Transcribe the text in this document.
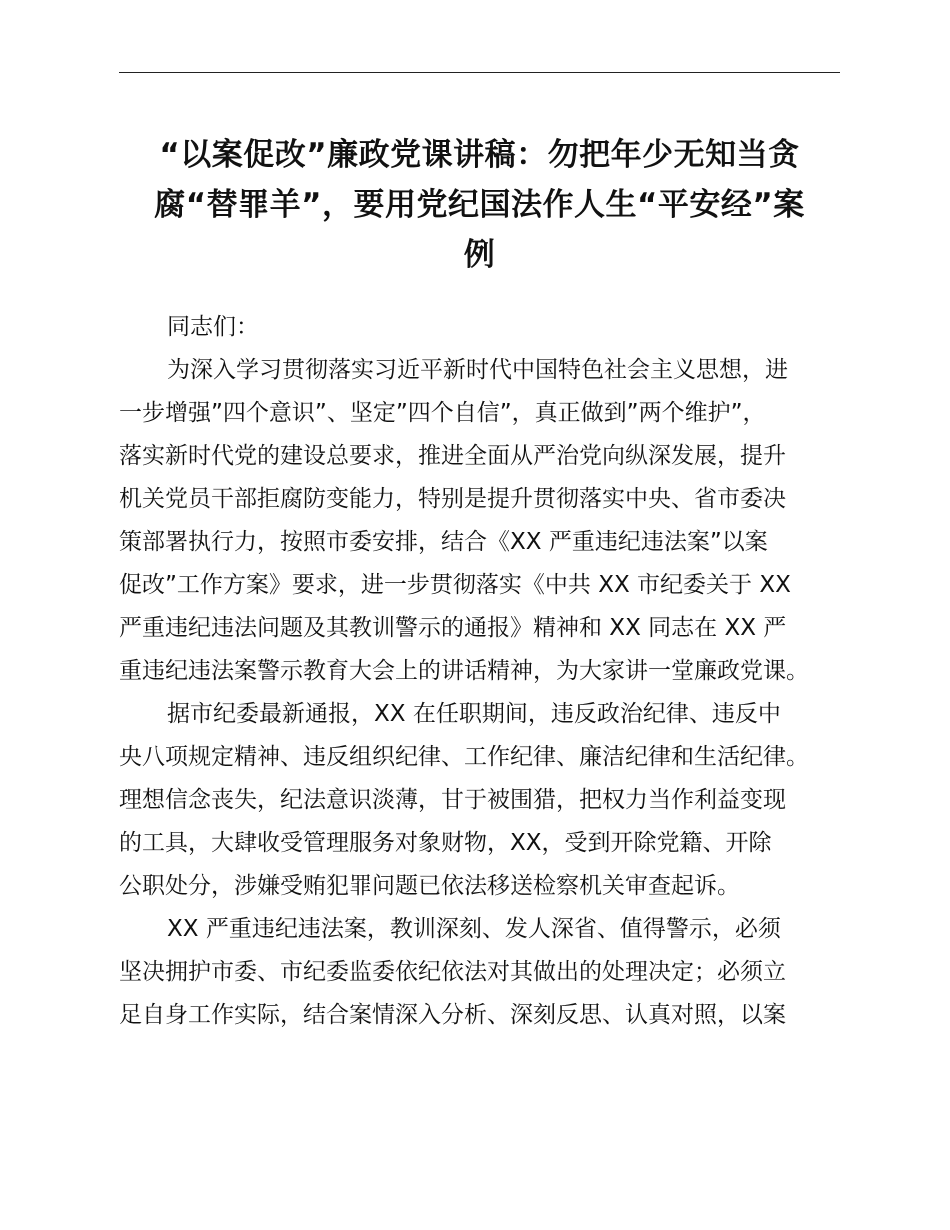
“以案促改”廉政党课讲稿：勿把年少无知当贪
腐“替罪羊”，要用党纪国法作人生“平安经”案
例

同志们：

为深入学习贯彻落实习近平新时代中国特色社会主义思想，进
一步增强”四个意识”、坚定”四个自信”，真正做到”两个维护”，
落实新时代党的建设总要求，推进全面从严治党向纵深发展，提升
机关党员干部拒腐防变能力，特别是提升贯彻落实中央、省市委决
策部署执行力，按照市委安排，结合《XX 严重违纪违法案”以案
促改”工作方案》要求，进一步贯彻落实《中共 XX 市纪委关于 XX
严重违纪违法问题及其教训警示的通报》精神和 XX 同志在 XX 严
重违纪违法案警示教育大会上的讲话精神，为大家讲一堂廉政党课。

据市纪委最新通报，XX 在任职期间，违反政治纪律、违反中
央八项规定精神、违反组织纪律、工作纪律、廉洁纪律和生活纪律。
理想信念丧失，纪法意识淡薄，甘于被围猎，把权力当作利益变现
的工具，大肆收受管理服务对象财物，XX，受到开除党籍、开除
公职处分，涉嫌受贿犯罪问题已依法移送检察机关审查起诉。

XX 严重违纪违法案，教训深刻、发人深省、值得警示，必须
坚决拥护市委、市纪委监委依纪依法对其做出的处理决定；必须立
足自身工作实际，结合案情深入分析、深刻反思、认真对照，以案
